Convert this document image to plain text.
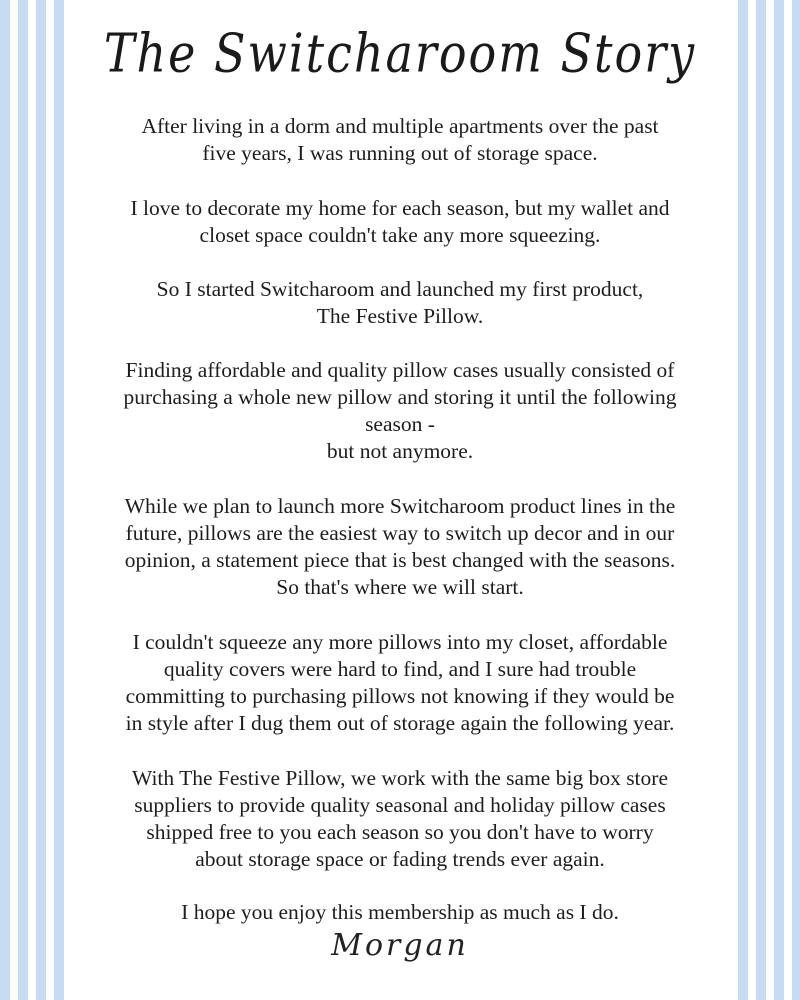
The Switcharoom Story

After living in a dorm and multiple apartments over the past
five years, I was running out of storage space.

I love to decorate my home for each season, but my wallet and
closet space couldn't take any more squeezing.

So I started Switcharoom and launched my first product,
The Festive Pillow.

Finding affordable and quality pillow cases usually consisted of
purchasing a whole new pillow and storing it until the following
season -
but not anymore.

While we plan to launch more Switcharoom product lines in the
future, pillows are the easiest way to switch up decor and in our
opinion, a statement piece that is best changed with the seasons.
So that's where we will start.

I couldn't squeeze any more pillows into my closet, affordable
quality covers were hard to find, and I sure had trouble
committing to purchasing pillows not knowing if they would be
in style after I dug them out of storage again the following year.

With The Festive Pillow, we work with the same big box store
suppliers to provide quality seasonal and holiday pillow cases
shipped free to you each season so you don't have to worry
about storage space or fading trends ever again.

I hope you enjoy this membership as much as I do.

Morgan
